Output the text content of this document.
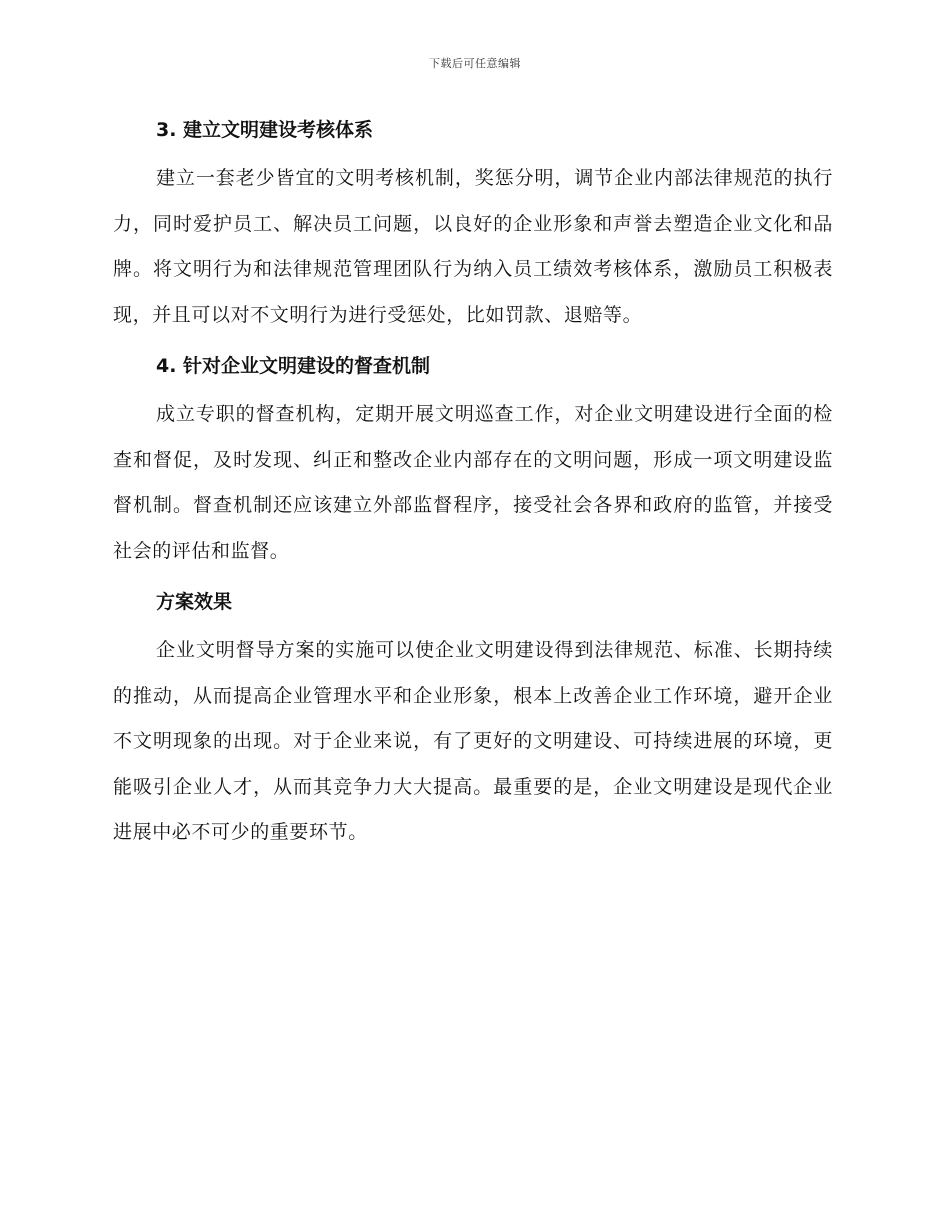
下载后可任意编辑
3. 建立文明建设考核体系

建立一套老少皆宜的文明考核机制，奖惩分明，调节企业内部法律规范的执行力，同时爱护员工、解决员工问题，以良好的企业形象和声誉去塑造企业文化和品牌。将文明行为和法律规范管理团队行为纳入员工绩效考核体系，激励员工积极表现，并且可以对不文明行为进行受惩处，比如罚款、退赔等。

4. 针对企业文明建设的督查机制

成立专职的督查机构，定期开展文明巡查工作，对企业文明建设进行全面的检查和督促，及时发现、纠正和整改企业内部存在的文明问题，形成一项文明建设监督机制。督查机制还应该建立外部监督程序，接受社会各界和政府的监管，并接受社会的评估和监督。

方案效果

企业文明督导方案的实施可以使企业文明建设得到法律规范、标准、长期持续的推动，从而提高企业管理水平和企业形象，根本上改善企业工作环境，避开企业不文明现象的出现。对于企业来说，有了更好的文明建设、可持续进展的环境，更能吸引企业人才，从而其竞争力大大提高。最重要的是，企业文明建设是现代企业进展中必不可少的重要环节。
